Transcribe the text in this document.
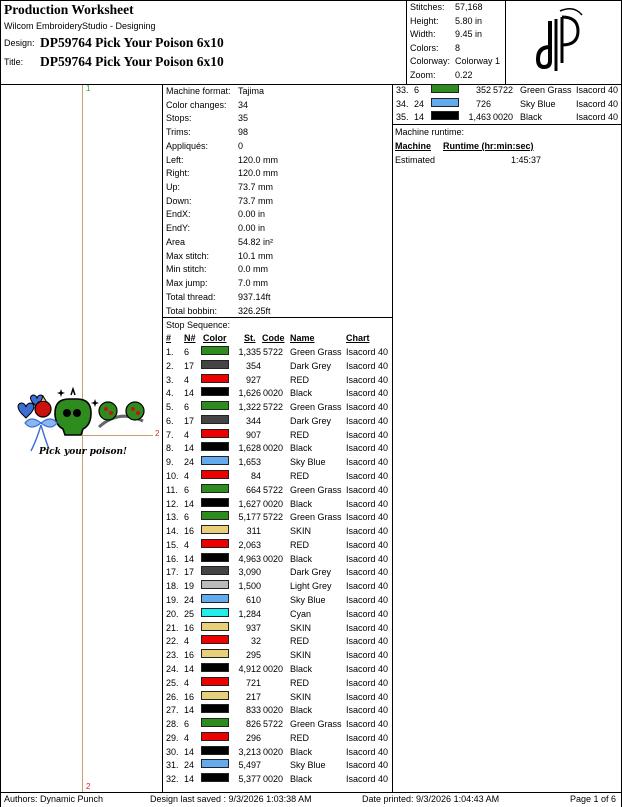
Production Worksheet
Wilcom EmbroideryStudio - Designing
Design: DP59764 Pick Your Poison 6x10
Title: DP59764 Pick Your Poison 6x10
Stitches: 57,168
Height: 5.80 in
Width: 9.45 in
Colors: 8
Colorway: Colorway 1
Zoom: 0.22
1
2
2
Pick your poison!
Machine format: Tajima
Color changes: 34
Stops:	35
Trims:	98
Appliqués:	0
Left:	120.0 mm
Right:	120.0 mm
Up:	73.7 mm
Down:	73.7 mm
EndX:	0.00 in
EndY:	0.00 in
Area	54.82 in²
Max stitch:	10.1 mm
Min stitch:	0.0 mm
Max jump:	7.0 mm
Total thread: 937.14ft
Total bobbin: 326.25ft
Stop Sequence:
# N# Color St. Code Name	Chart
1. 6	1,335 5722 Green Grass Isacord 40
2. 17	354	Dark Grey Isacord 40
3. 4	927	RED	Isacord 40
4. 14	1,626 0020 Black	Isacord 40
5. 6	1,322 5722 Green Grass Isacord 40
6. 17	344	Dark Grey Isacord 40
7. 4	907	RED	Isacord 40
8. 14	1,628 0020 Black	Isacord 40
9. 24	1,653	Sky Blue Isacord 40
10. 4	84	RED	Isacord 40
11. 6	664 5722 Green Grass Isacord 40
12. 14	1,627 0020 Black	Isacord 40
13. 6	5,177 5722 Green Grass Isacord 40
14. 16	311	SKIN	Isacord 40
15. 4	2,063	RED	Isacord 40
16. 14	4,963 0020 Black	Isacord 40
17. 17	3,090	Dark Grey Isacord 40
18. 19	1,500	Light Grey Isacord 40
19. 24	610	Sky Blue Isacord 40
20. 25	1,284	Cyan	Isacord 40
21. 16	937	SKIN	Isacord 40
22. 4	32	RED	Isacord 40
23. 16	295	SKIN	Isacord 40
24. 14	4,912 0020 Black	Isacord 40
25. 4	721	RED	Isacord 40
26. 16	217	SKIN	Isacord 40
27. 14	833 0020 Black	Isacord 40
28. 6	826 5722 Green Grass Isacord 40
29. 4	296	RED	Isacord 40
30. 14	3,213 0020 Black	Isacord 40
31. 24	5,497	Sky Blue Isacord 40
32. 14	5,377 0020 Black	Isacord 40
33. 6	352 5722 Green Grass Isacord 40
34. 24	726	Sky Blue Isacord 40
35. 14	1,463 0020 Black	Isacord 40
Machine runtime:
Machine Runtime (hr:min:sec)
Estimated	1:45:37
Authors: Dynamic Punch	Design last saved : 9/3/2026 1:03:38 AM	Date printed: 9/3/2026 1:04:43 AM	Page 1 of 6
